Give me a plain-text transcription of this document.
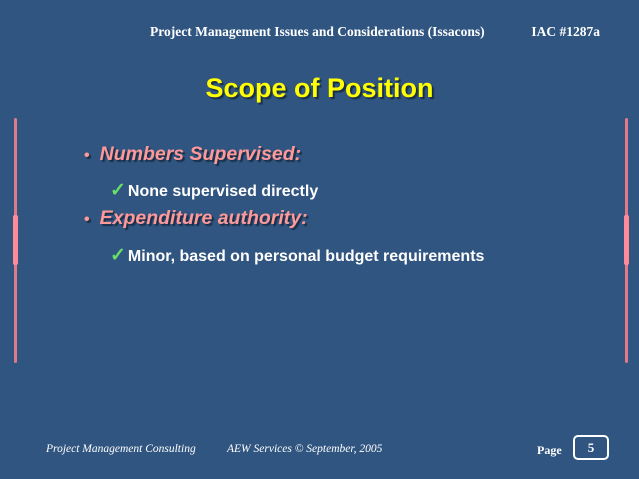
Project Management Issues and Considerations (Issacons)	IAC #1287a
Scope of Position
• Numbers Supervised:
✓ None supervised directly
• Expenditure authority:
✓ Minor, based on personal budget requirements
Project Management Consulting	AEW Services © September, 2005	Page 5
